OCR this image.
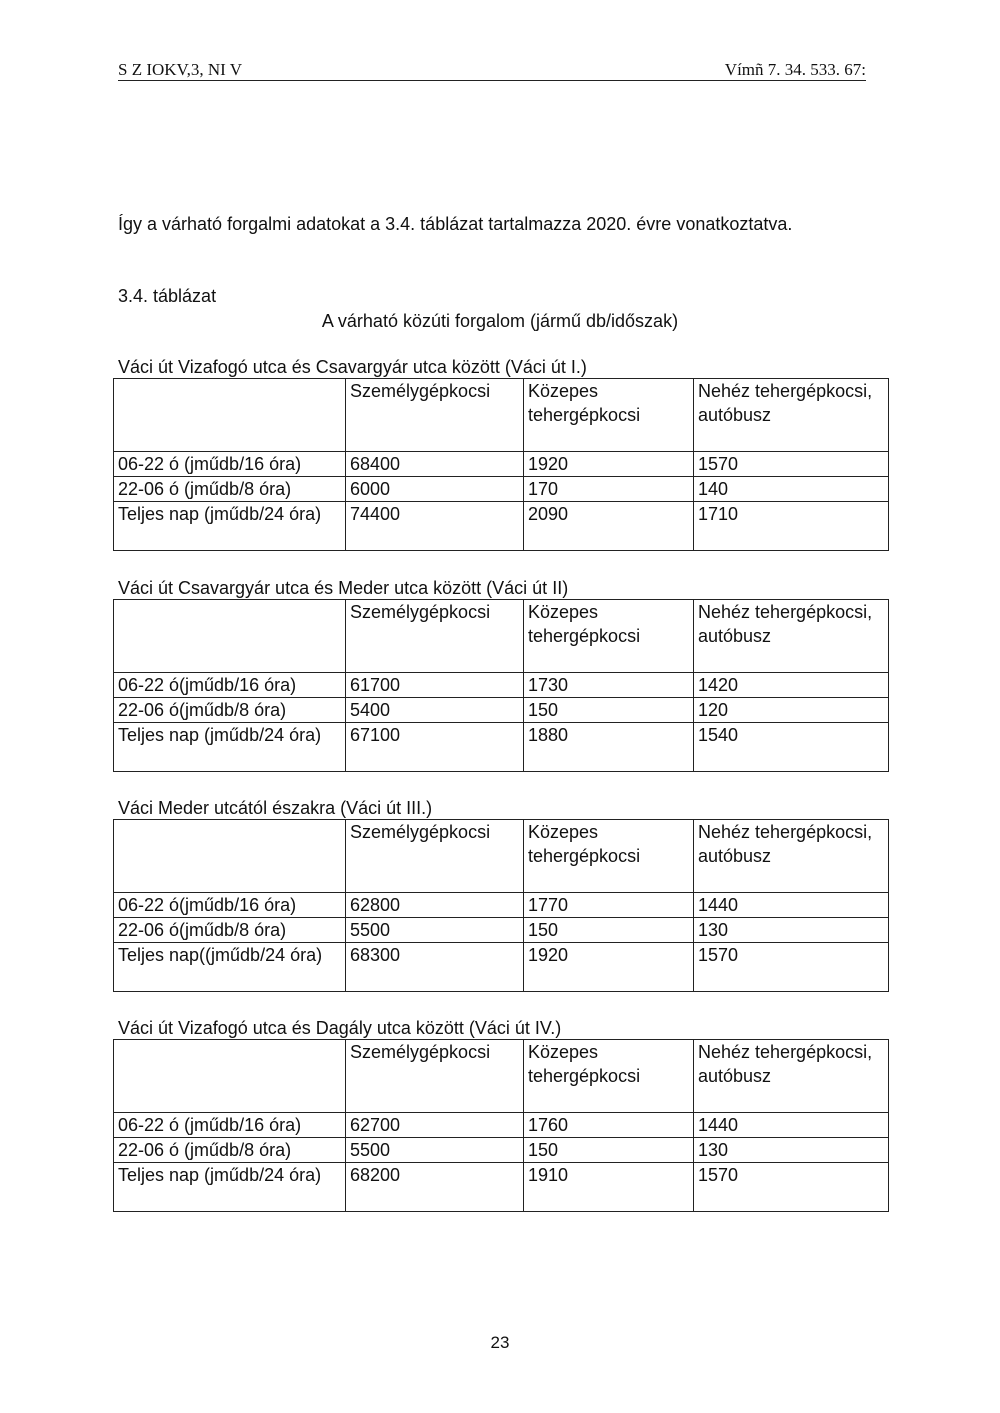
S Z IOKV,3, NI V	Vímñ 7. 34. 533. 67:
Így a várható forgalmi adatokat a 3.4. táblázat tartalmazza 2020. évre vonatkoztatva.
3.4. táblázat
A várható közúti forgalom (jármű db/időszak)
Váci út Vizafogó utca és Csavargyár utca között (Váci út I.)
	Személygépkocsi	Közepes tehergépkocsi	Nehéz tehergépkocsi, autóbusz
06-22 ó (jműdb/16 óra)	68400	1920	1570
22-06 ó (jműdb/8 óra)	6000	170	140
Teljes nap (jműdb/24 óra)	74400	2090	1710
Váci út Csavargyár utca és Meder utca között (Váci út II)
	Személygépkocsi	Közepes tehergépkocsi	Nehéz tehergépkocsi, autóbusz
06-22 ó(jműdb/16 óra)	61700	1730	1420
22-06 ó(jműdb/8 óra)	5400	150	120
Teljes nap (jműdb/24 óra)	67100	1880	1540
Váci Meder utcától északra (Váci út III.)
	Személygépkocsi	Közepes tehergépkocsi	Nehéz tehergépkocsi, autóbusz
06-22 ó(jműdb/16 óra)	62800	1770	1440
22-06 ó(jműdb/8 óra)	5500	150	130
Teljes nap((jműdb/24 óra)	68300	1920	1570
Váci út Vizafogó utca és Dagály utca között (Váci út IV.)
	Személygépkocsi	Közepes tehergépkocsi	Nehéz tehergépkocsi, autóbusz
06-22 ó (jműdb/16 óra)	62700	1760	1440
22-06 ó (jműdb/8 óra)	5500	150	130
Teljes nap (jműdb/24 óra)	68200	1910	1570
23
